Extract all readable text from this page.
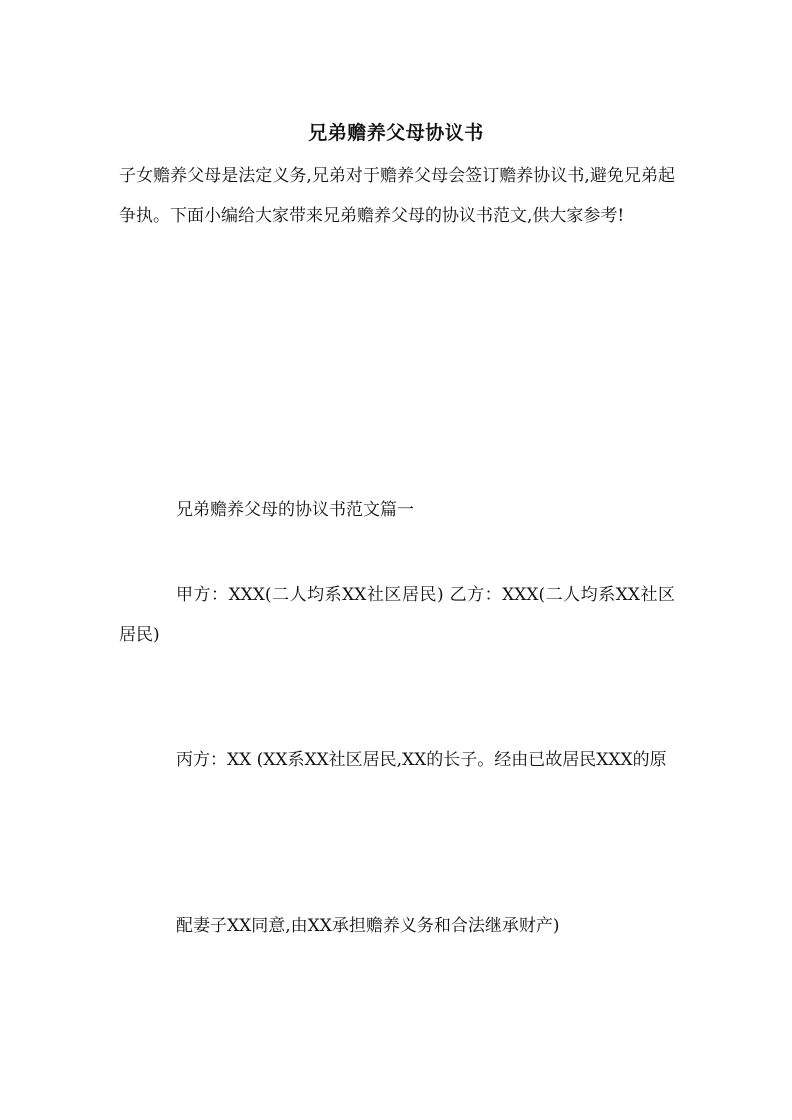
兄弟赡养父母协议书

子女赡养父母是法定义务,兄弟对于赡养父母会签订赡养协议书,避免兄弟起争执。下面小编给大家带来兄弟赡养父母的协议书范文,供大家参考!

兄弟赡养父母的协议书范文篇一

甲方：XXX(二人均系XX社区居民) 乙方：XXX(二人均系XX社区居民)

丙方：XX (XX系XX社区居民,XX的长子。经由已故居民XXX的原

配妻子XX同意,由XX承担赡养义务和合法继承财产)
